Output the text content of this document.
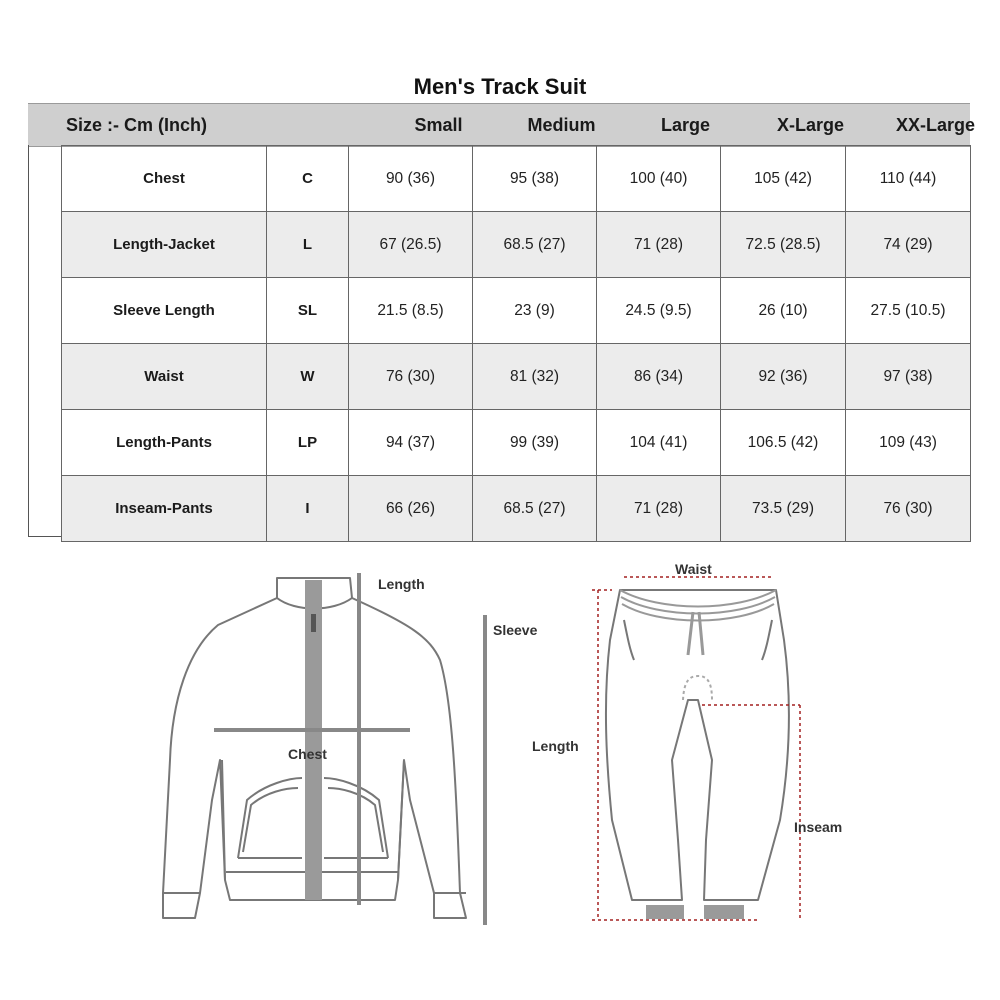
Men's Track Suit
Size :- Cm (Inch)	Small	Medium	Large	X-Large	XX-Large
Chest	C	90 (36)	95 (38)	100 (40)	105 (42)	110 (44)
Length-Jacket	L	67 (26.5)	68.5 (27)	71 (28)	72.5 (28.5)	74 (29)
Sleeve Length	SL	21.5 (8.5)	23 (9)	24.5 (9.5)	26 (10)	27.5 (10.5)
Waist	W	76 (30)	81 (32)	86 (34)	92 (36)	97 (38)
Length-Pants	LP	94 (37)	99 (39)	104 (41)	106.5 (42)	109 (43)
Inseam-Pants	I	66 (26)	68.5 (27)	71 (28)	73.5 (29)	76 (30)
Length
Sleeve
Chest
Waist
Length
Inseam
